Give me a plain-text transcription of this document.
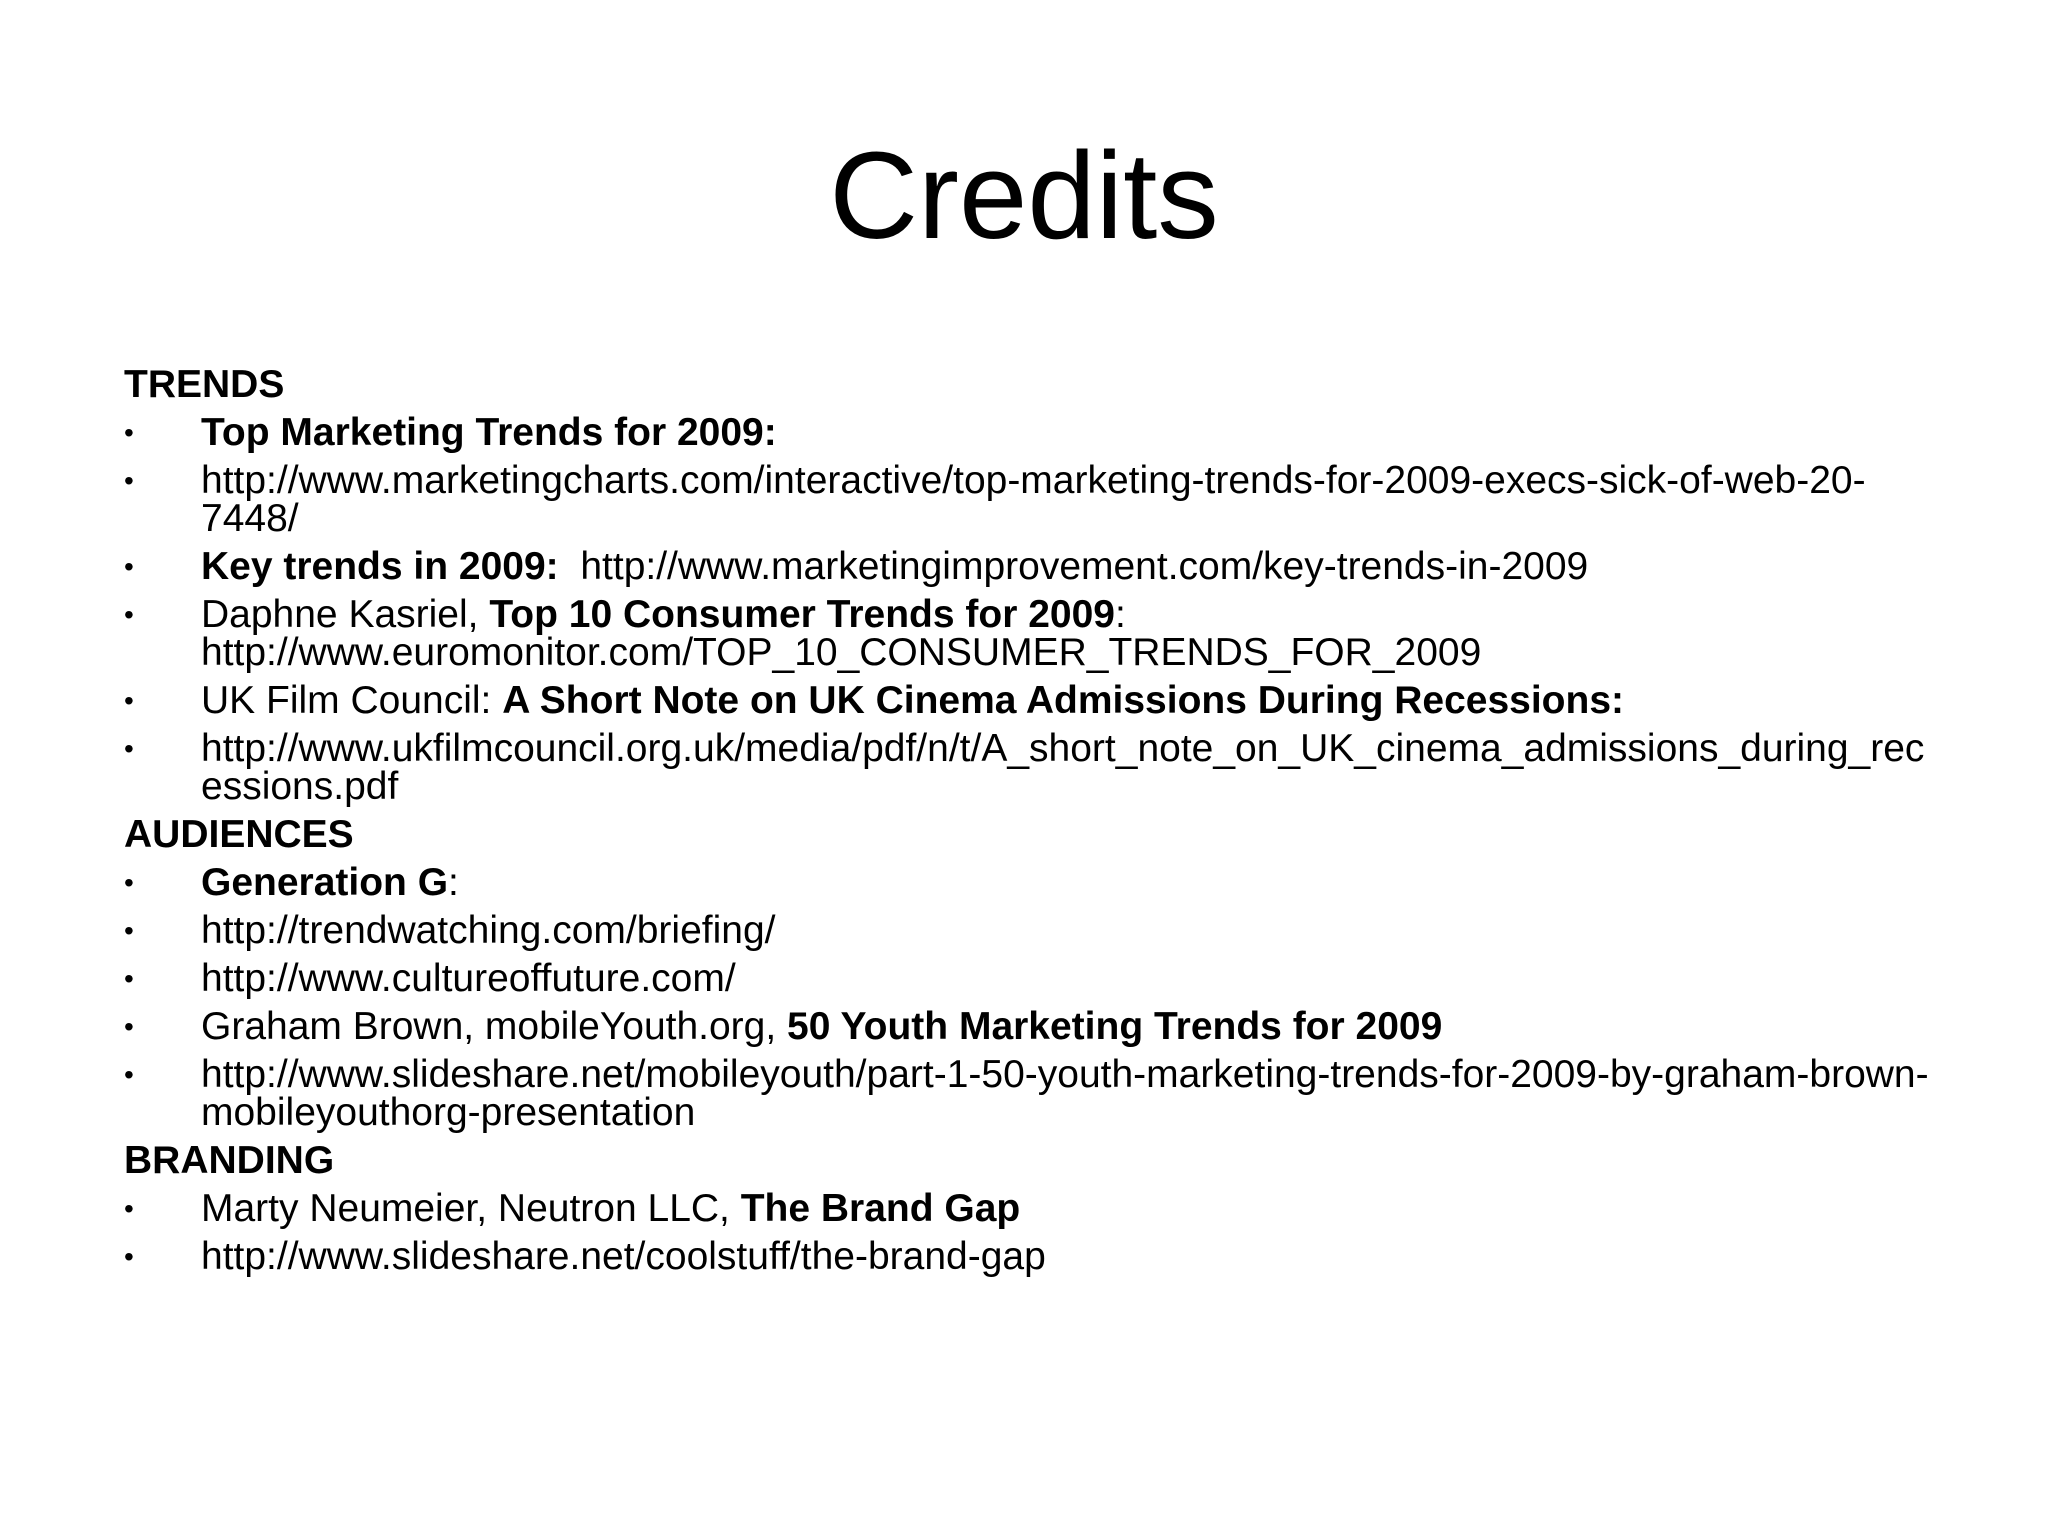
Credits
TRENDS
• Top Marketing Trends for 2009:
• http://www.marketingcharts.com/interactive/top-marketing-trends-for-2009-execs-sick-of-web-20-7448/
• Key trends in 2009:  http://www.marketingimprovement.com/key-trends-in-2009
• Daphne Kasriel, Top 10 Consumer Trends for 2009: http://www.euromonitor.com/TOP_10_CONSUMER_TRENDS_FOR_2009
• UK Film Council: A Short Note on UK Cinema Admissions During Recessions:
• http://www.ukfilmcouncil.org.uk/media/pdf/n/t/A_short_note_on_UK_cinema_admissions_during_recessions.pdf
AUDIENCES
• Generation G:
• http://trendwatching.com/briefing/
• http://www.cultureoffuture.com/
• Graham Brown, mobileYouth.org, 50 Youth Marketing Trends for 2009
• http://www.slideshare.net/mobileyouth/part-1-50-youth-marketing-trends-for-2009-by-graham-brown-mobileyouthorg-presentation
BRANDING
• Marty Neumeier, Neutron LLC, The Brand Gap
• http://www.slideshare.net/coolstuff/the-brand-gap
